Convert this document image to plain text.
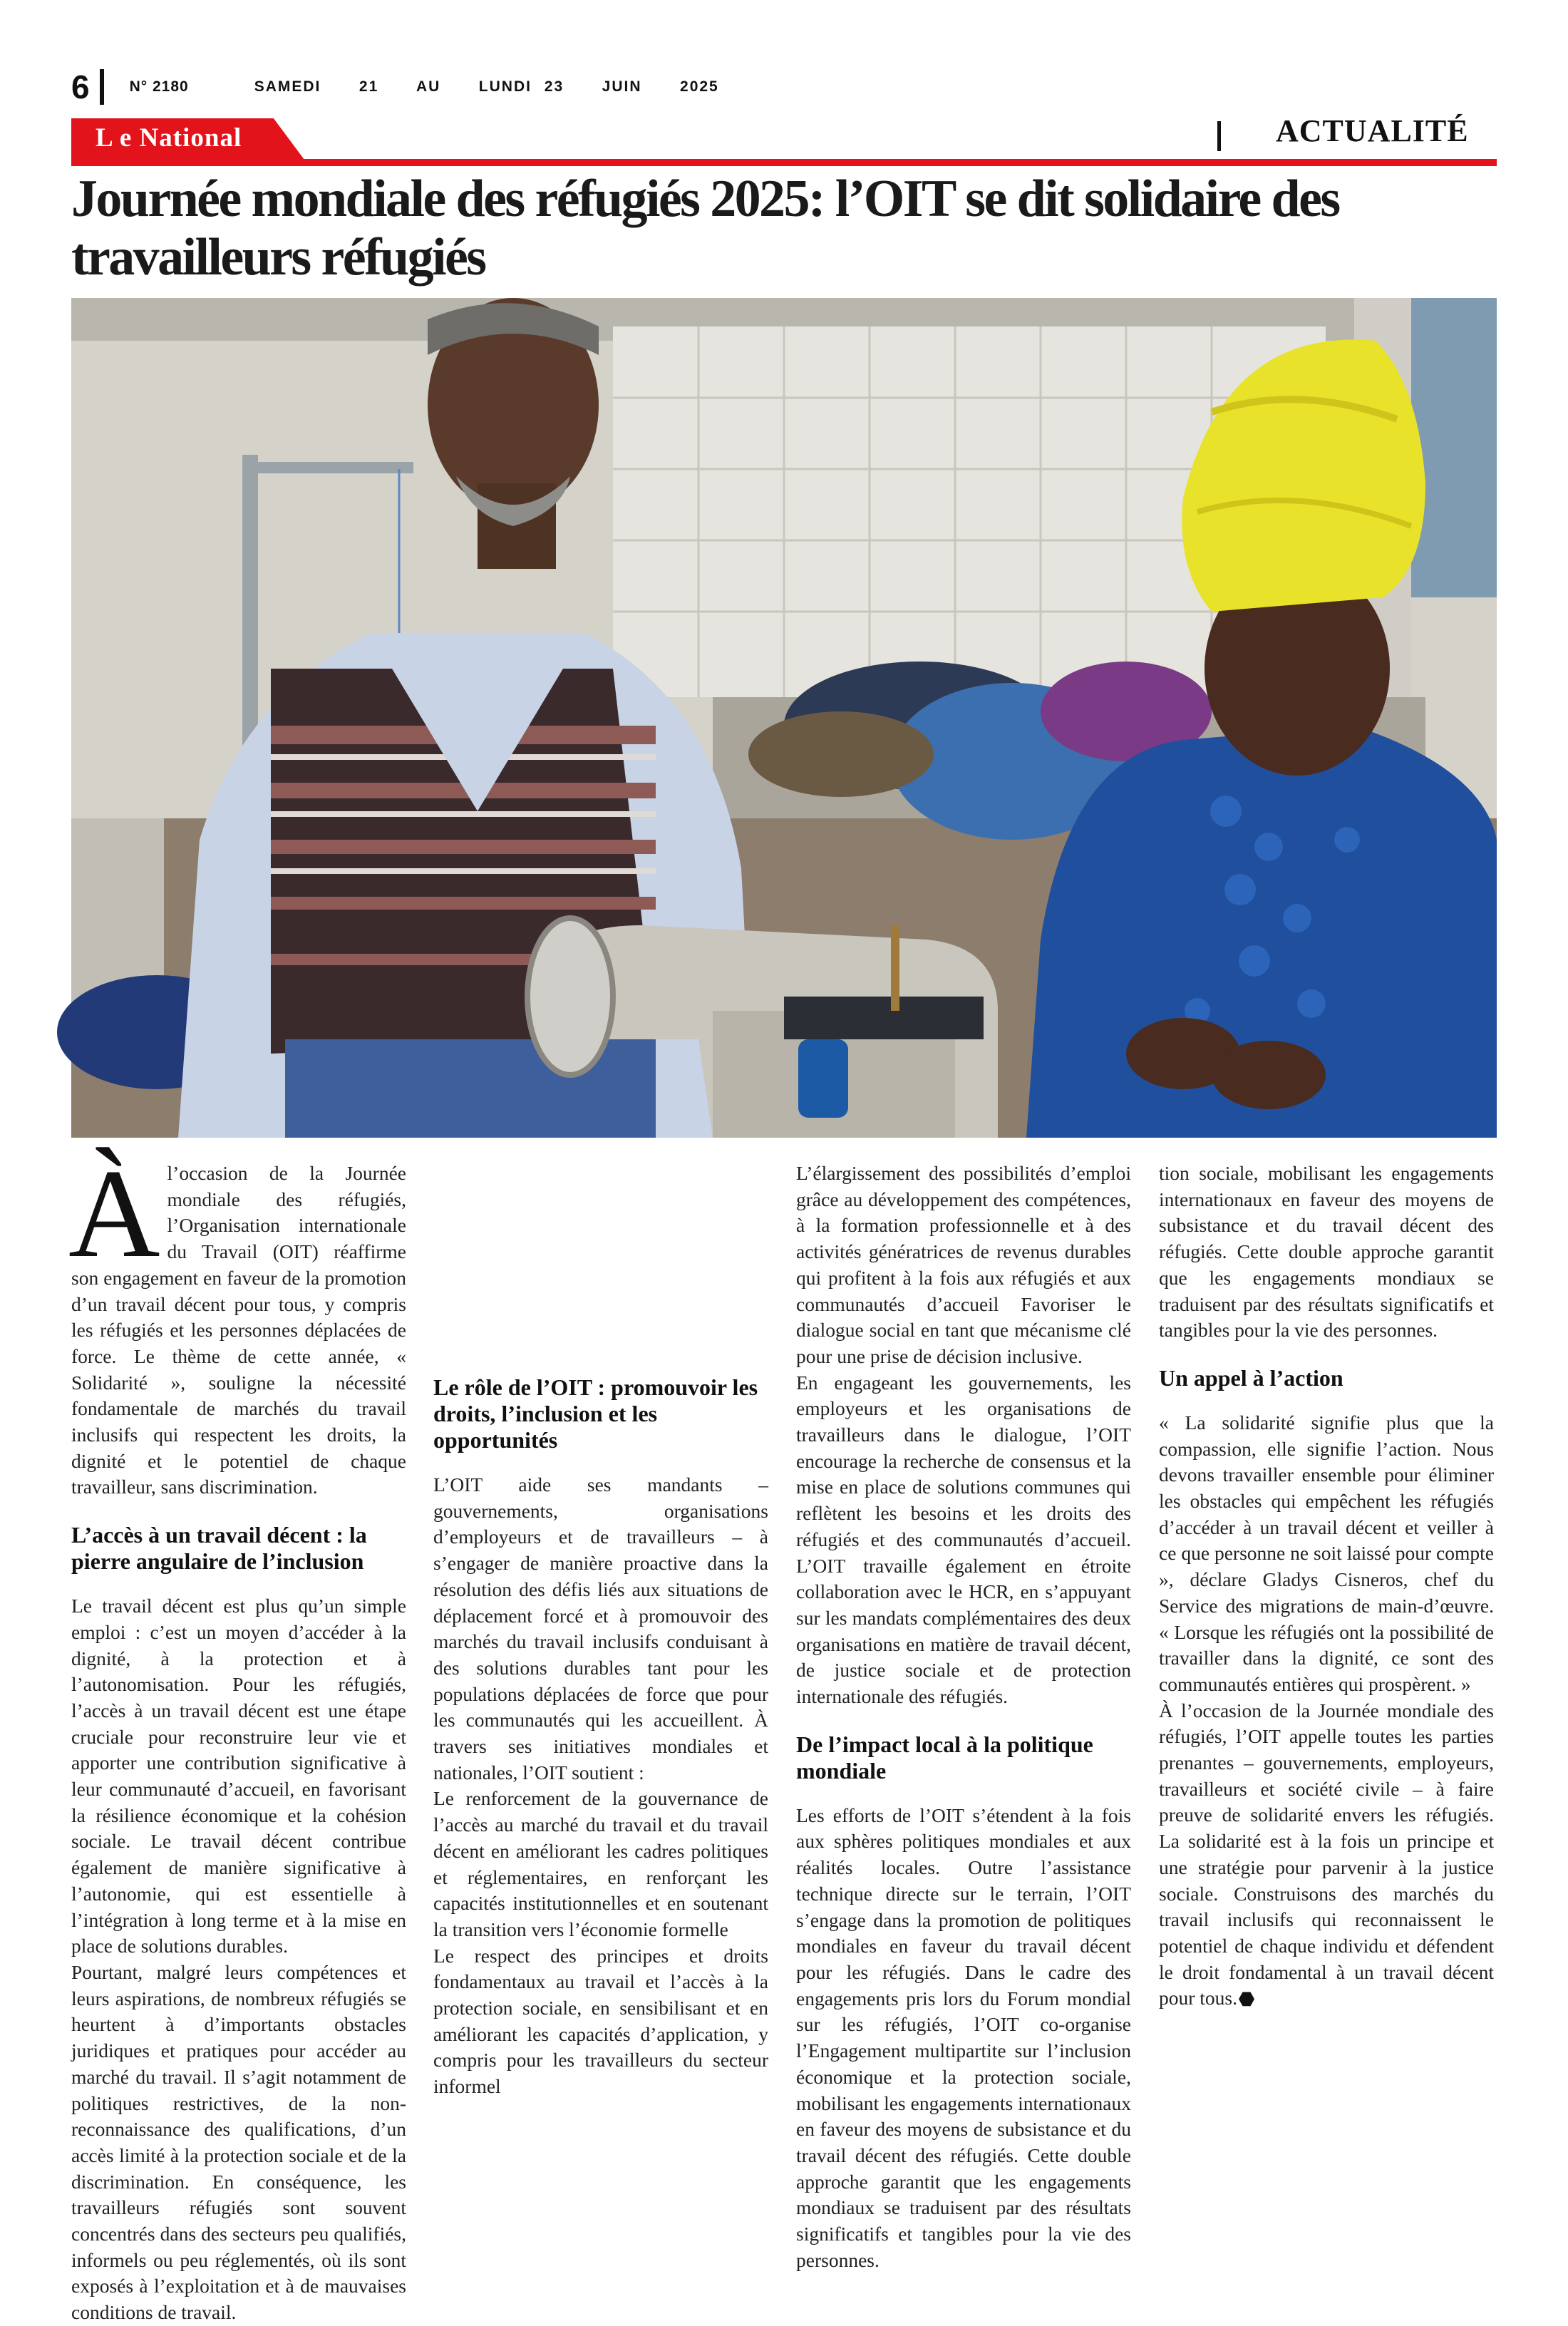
6	N° 2180	SAMEDI   21   AU   LUNDI 23   JUIN   2025
L e National	ACTUALITÉ
Journée mondiale des réfugiés 2025: l’OIT se dit solidaire des travailleurs réfugiés

Àl’occasion de la Journée mondiale des réfugiés, l’Organisation internationale du Travail (OIT) réaffirme son engagement en faveur de la promotion d’un travail décent pour tous, y compris les réfugiés et les personnes déplacées de force. Le thème de cette année, « Solidarité », souligne la nécessité fondamentale de marchés du travail inclusifs qui respectent les droits, la dignité et le potentiel de chaque travailleur, sans discrimination.

L’accès à un travail décent : la pierre angulaire de l’inclusion

Le travail décent est plus qu’un simple emploi : c’est un moyen d’accéder à la dignité, à la protection et à l’autonomisation. Pour les réfugiés, l’accès à un travail décent est une étape cruciale pour reconstruire leur vie et apporter une contribution significative à leur communauté d’accueil, en favorisant la résilience économique et la cohésion sociale. Le travail décent contribue également de manière significative à l’autonomie, qui est essentielle à l’intégration à long terme et à la mise en place de solutions durables.

Pourtant, malgré leurs compétences et leurs aspirations, de nombreux réfugiés se heurtent à d’importants obstacles juridiques et pratiques pour accéder au marché du travail. Il s’agit notamment de politiques restrictives, de la non-reconnaissance des qualifications, d’un accès limité à la protection sociale et de la discrimination. En conséquence, les travailleurs réfugiés sont souvent concentrés dans des secteurs peu qualifiés, informels ou peu réglementés, où ils sont exposés à l’exploitation et à de mauvaises conditions de travail.

Le rôle de l’OIT : promouvoir les droits, l’inclusion et les opportunités

L’OIT aide ses mandants – gouvernements, organisations d’employeurs et de travailleurs – à s’engager de manière proactive dans la résolution des défis liés aux situations de déplacement forcé et à promouvoir des marchés du travail inclusifs conduisant à des solutions durables tant pour les populations déplacées de force que pour les communautés qui les accueillent. À travers ses initiatives mondiales et nationales, l’OIT soutient :

Le renforcement de la gouvernance de l’accès au marché du travail et du travail décent en améliorant les cadres politiques et réglementaires, en renforçant les capacités institutionnelles et en soutenant la transition vers l’économie formelle

Le respect des principes et droits fondamentaux au travail et l’accès à la protection sociale, en sensibilisant et en améliorant les capacités d’application, y compris pour les travailleurs du secteur informel

L’élargissement des possibilités d’emploi grâce au développement des compétences, à la formation professionnelle et à des activités génératrices de revenus durables qui profitent à la fois aux réfugiés et aux communautés d’accueil Favoriser le dialogue social en tant que mécanisme clé pour une prise de décision inclusive.

En engageant les gouvernements, les employeurs et les organisations de travailleurs dans le dialogue, l’OIT encourage la recherche de consensus et la mise en place de solutions communes qui reflètent les besoins et les droits des réfugiés et des communautés d’accueil. L’OIT travaille également en étroite collaboration avec le HCR, en s’appuyant sur les mandats complémentaires des deux organisations en matière de travail décent, de justice sociale et de protection internationale des réfugiés.

De l’impact local à la politique mondiale

Les efforts de l’OIT s’étendent à la fois aux sphères politiques mondiales et aux réalités locales. Outre l’assistance technique directe sur le terrain, l’OIT s’engage dans la promotion de politiques mondiales en faveur du travail décent pour les réfugiés. Dans le cadre des engagements pris lors du Forum mondial sur les réfugiés, l’OIT co-organise l’Engagement multipartite sur l’inclusion économique et la protection sociale, mobilisant les engagements internationaux en faveur des moyens de subsistance et du travail décent des réfugiés. Cette double approche garantit que les engagements mondiaux se traduisent par des résultats significatifs et tangibles pour la vie des personnes.

tion sociale, mobilisant les engagements internationaux en faveur des moyens de subsistance et du travail décent des réfugiés. Cette double approche garantit que les engagements mondiaux se traduisent par des résultats significatifs et tangibles pour la vie des personnes.

Un appel à l’action

« La solidarité signifie plus que la compassion, elle signifie l’action. Nous devons travailler ensemble pour éliminer les obstacles qui empêchent les réfugiés d’accéder à un travail décent et veiller à ce que personne ne soit laissé pour compte », déclare Gladys Cisneros, chef du Service des migrations de main-d’œuvre. « Lorsque les réfugiés ont la possibilité de travailler dans la dignité, ce sont des communautés entières qui prospèrent. »

À l’occasion de la Journée mondiale des réfugiés, l’OIT appelle toutes les parties prenantes – gouvernements, employeurs, travailleurs et société civile – à faire preuve de solidarité envers les réfugiés. La solidarité est à la fois un principe et une stratégie pour parvenir à la justice sociale. Construisons des marchés du travail inclusifs qui reconnaissent le potentiel de chaque individu et défendent le droit fondamental à un travail décent pour tous.
